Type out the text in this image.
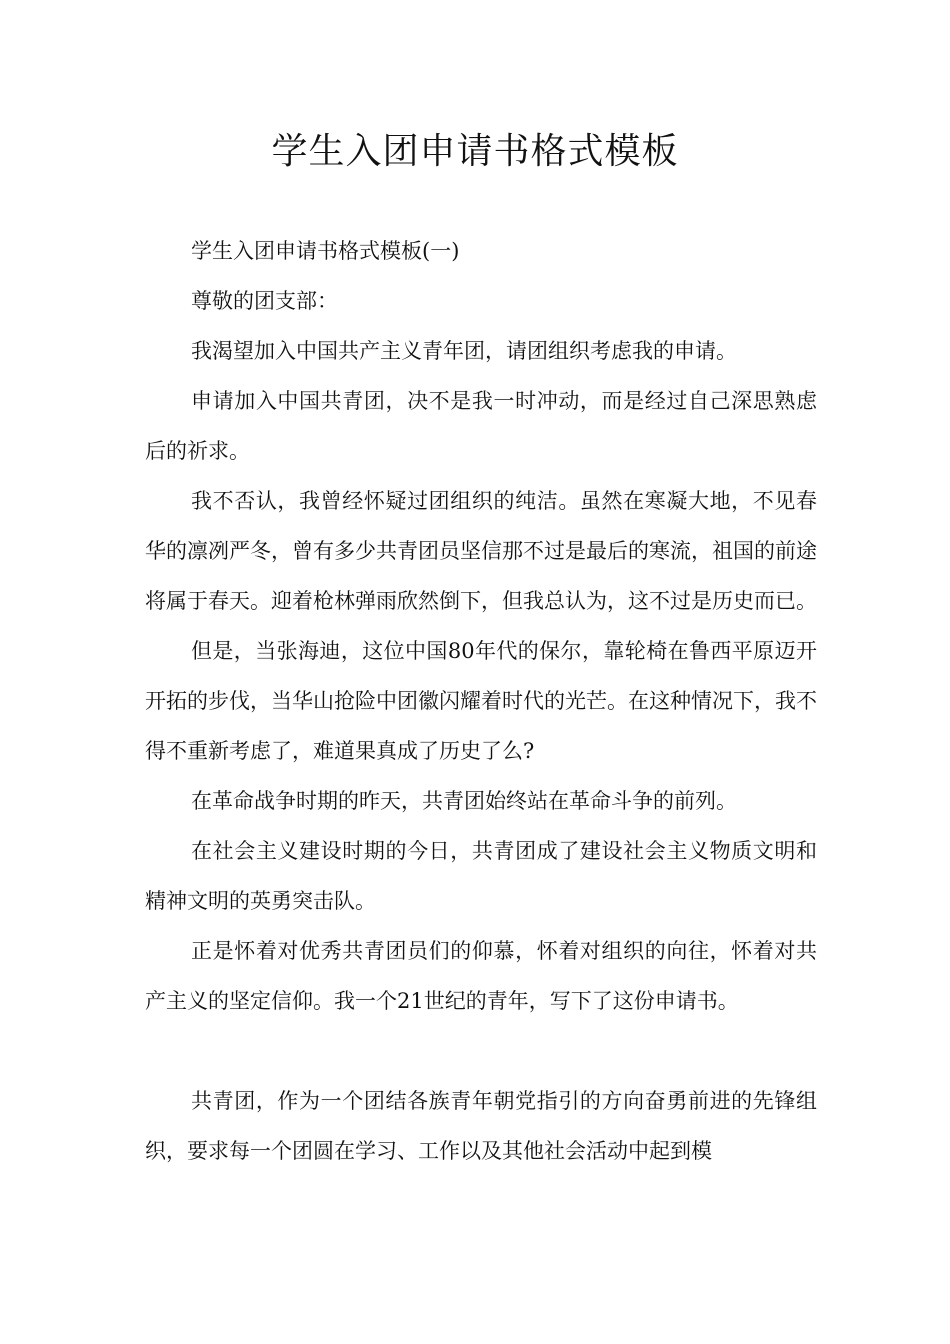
学生入团申请书格式模板

学生入团申请书格式模板(一)

尊敬的团支部：

我渴望加入中国共产主义青年团，请团组织考虑我的申请。

申请加入中国共青团，决不是我一时冲动，而是经过自己深思熟虑后的祈求。

我不否认，我曾经怀疑过团组织的纯洁。虽然在寒凝大地，不见春华的凛冽严冬，曾有多少共青团员坚信那不过是最后的寒流，祖国的前途将属于春天。迎着枪林弹雨欣然倒下，但我总认为，这不过是历史而已。

但是，当张海迪，这位中国80年代的保尔，靠轮椅在鲁西平原迈开开拓的步伐，当华山抢险中团徽闪耀着时代的光芒。在这种情况下，我不得不重新考虑了，难道果真成了历史了么?

在革命战争时期的昨天，共青团始终站在革命斗争的前列。

在社会主义建设时期的今日，共青团成了建设社会主义物质文明和精神文明的英勇突击队。

正是怀着对优秀共青团员们的仰慕，怀着对组织的向往，怀着对共产主义的坚定信仰。我一个21世纪的青年，写下了这份申请书。

共青团，作为一个团结各族青年朝党指引的方向奋勇前进的先锋组织，要求每一个团圆在学习、工作以及其他社会活动中起到模
